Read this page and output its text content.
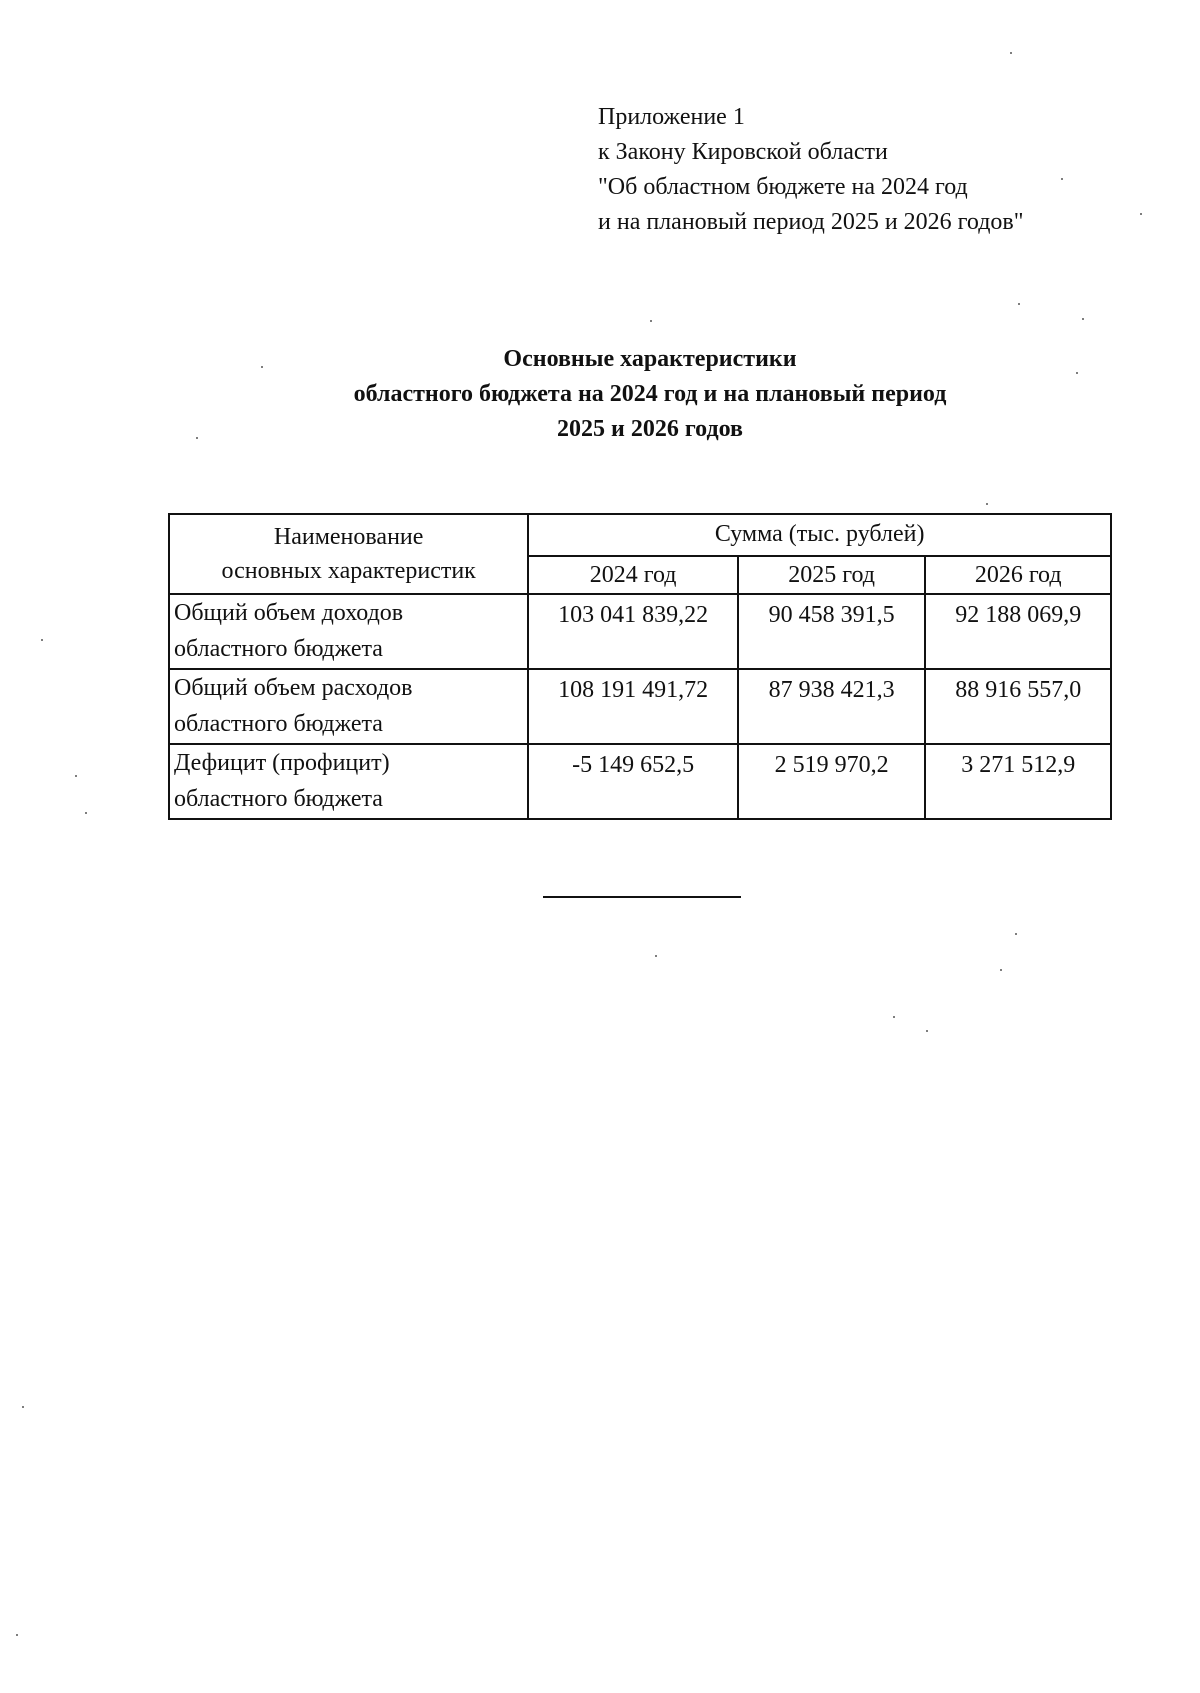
Приложение 1
к Закону Кировской области
"Об областном бюджете на 2024 год
и на плановый период 2025 и 2026 годов"
Основные характеристики
областного бюджета на 2024 год и на плановый период
2025 и 2026 годов
Наименование
основных характеристик	Сумма (тыс. рублей)		
	2024 год	2025 год	2026 год

Общий объем доходов
областного бюджета	103 041 839,22	90 458 391,5	92 188 069,9

Общий объем расходов
областного бюджета	108 191 491,72	87 938 421,3	88 916 557,0

Дефицит (профицит)
областного бюджета	-5 149 652,5	2 519 970,2	3 271 512,9
